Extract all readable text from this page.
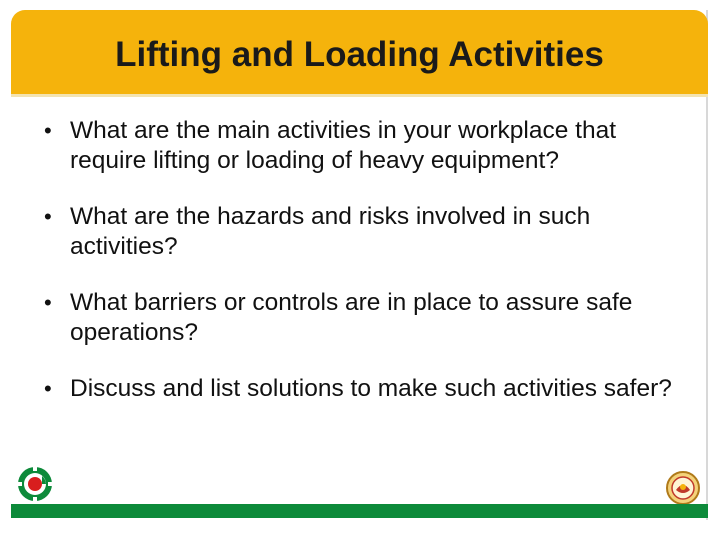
Lifting and Loading Activities
• What are the main activities in your workplace that require lifting or loading of heavy equipment?
• What are the hazards and risks involved in such activities?
• What barriers or controls are in place to assure safe operations?
• Discuss and list solutions to make such activities safer?
